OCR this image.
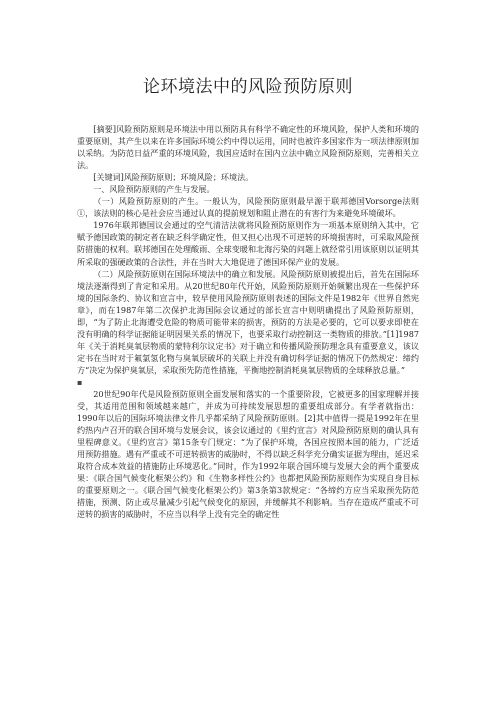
论环境法中的风险预防原则

[摘要]风险预防原则是环境法中用以预防具有科学不确定性的环境风险，保护人类和环境的重要原则，其产生以来在许多国际环境公约中得以运用，同时也被许多国家作为一项法律原则加以采纳。为防范日益严重的环境风险，我国应适时在国内立法中确立风险预防原则，完善相关立法。

[关键词]风险预防原则；环境风险；环境法。

一、风险预防原则的产生与发展。

（一）风险预防原则的产生。一般认为，风险预防原则最早源于联邦德国Vorsorge法则①，该法则的核心是社会应当通过认真的提前规划和阻止潜在的有害行为来避免环境破坏。

1976年联邦德国议会通过的空气清洁法就将风险预防原则作为一项基本原则纳入其中，它赋予德国政策的制定者在缺乏科学确定性，但又担心出现不可逆转的环境损害时，可采取风险预防措施的权利。联邦德国在处理酸雨、全球变暖和北海污染的问题上就经常引用该原则以证明其所采取的强硬政策的合法性，并在当时大大地促进了德国环保产业的发展。

（二）风险预防原则在国际环境法中的确立和发展。风险预防原则被提出后，首先在国际环境法逐渐得到了肯定和采用。从20世纪80年代开始，风险预防原则开始频繁出现在一些保护环境的国际条约、协议和宣言中，较早使用风险预防原则表述的国际文件是1982年《世界自然宪章》，而在1987年第二次保护北海国际会议通过的部长宣言中则明确提出了风险预防原则，即，“为了防止北海遭受危险的物质可能带来的损害，预防的方法是必要的，它可以要求即使在没有明确的科学证据能证明因果关系的情况下，也要采取行动控制这一类物质的排放。”[1]1987年《关于消耗臭氧层物质的蒙特利尔议定书》对于确立和传播风险预防理念具有重要意义，该议定书在当时对于氟氯氢化物与臭氧层破坏的关联上并没有确切科学证据的情况下仍然规定：缔约方“决定为保护臭氧层，采取预先防范性措施，平衡地控制消耗臭氧层物质的全球释放总量。”

▪

20世纪90年代是风险预防原则全面发展和落实的一个重要阶段，它被更多的国家理解并接受，其适用范围和领域越来越广，并成为可持续发展思想的重要组成部分。有学者就指出：1990年以后的国际环境法律文件几乎都采纳了风险预防原则。[2]其中值得一提是1992年在里约热内卢召开的联合国环境与发展会议，该会议通过的《里约宣言》对风险预防原则的确认具有里程碑意义。《里约宣言》第15条专门规定：“为了保护环境，各国应按照本国的能力，广泛适用预防措施。遇有严重或不可逆转损害的威胁时，不得以缺乏科学充分确实证据为理由，延迟采取符合成本效益的措施防止环境恶化。”同时，作为1992年联合国环境与发展大会的两个重要成果：《联合国气候变化框架公约》和《生物多样性公约》也都把风险预防原则作为实现自身目标的重要原则之一。《联合国气候变化框架公约》第3条第3款规定：“各缔约方应当采取预先防范措施，预测、防止或尽量减少引起气候变化的原因，并缓解其不利影响。当存在造成严重或不可逆转的损害的威胁时，不应当以科学上没有完全的确定性
